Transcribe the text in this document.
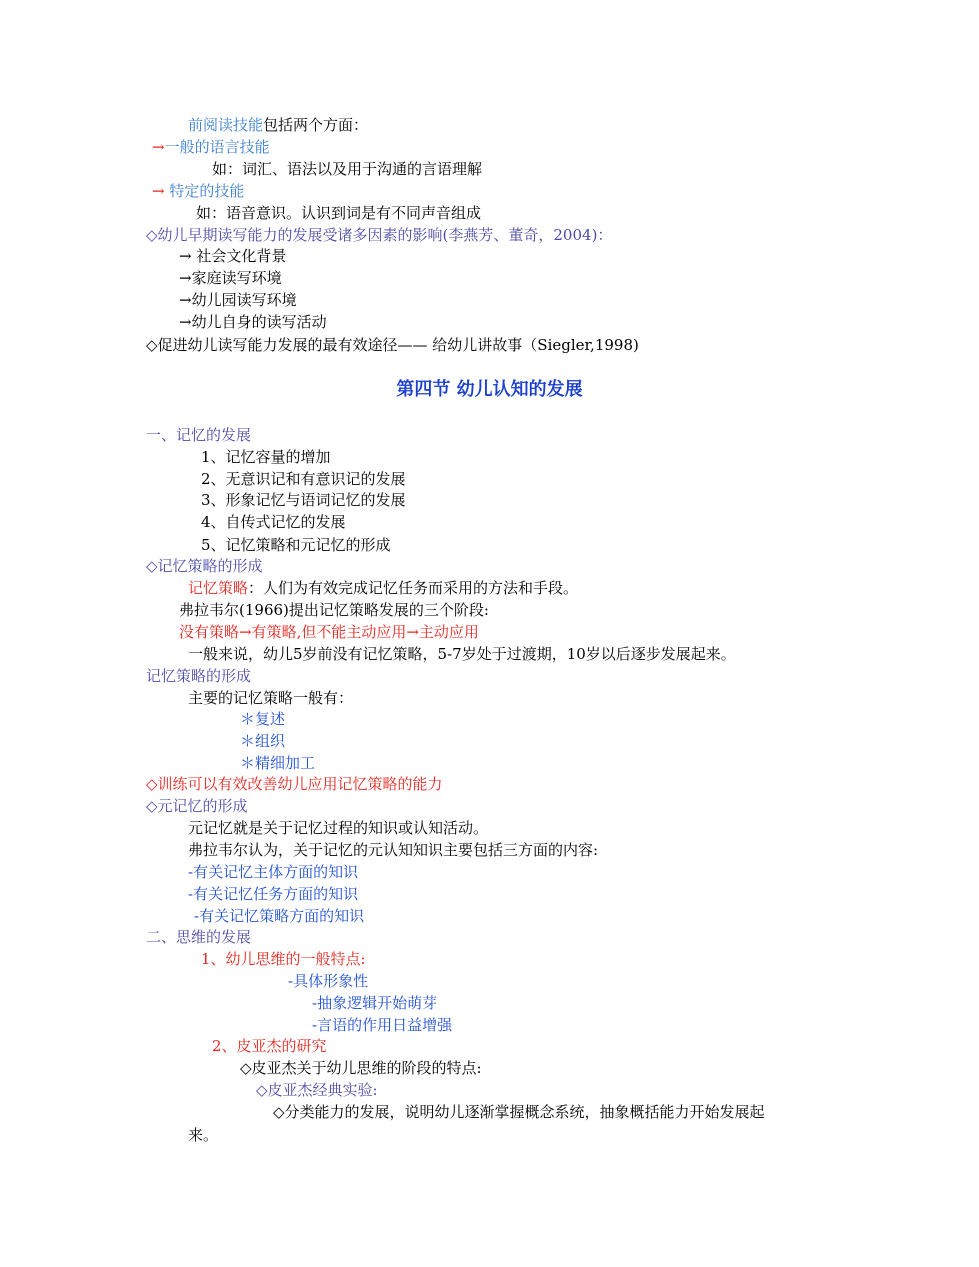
前阅读技能包括两个方面：
→一般的语言技能
如：词汇、语法以及用于沟通的言语理解
→ 特定的技能
如：语音意识。认识到词是有不同声音组成
◇幼儿早期读写能力的发展受诸多因素的影响(李燕芳、董奇，2004)：
→ 社会文化背景
→家庭读写环境
→幼儿园读写环境
→幼儿自身的读写活动
◇促进幼儿读写能力发展的最有效途径—— 给幼儿讲故事（Siegler,1998)
第四节 幼儿认知的发展
一、记忆的发展
1、记忆容量的增加
2、无意识记和有意识记的发展
3、形象记忆与语词记忆的发展
4、自传式记忆的发展
5、记忆策略和元记忆的形成
◇记忆策略的形成
记忆策略：人们为有效完成记忆任务而采用的方法和手段。
弗拉韦尔(1966)提出记忆策略发展的三个阶段:
没有策略→有策略,但不能主动应用→主动应用
一般来说，幼儿5岁前没有记忆策略，5-7岁处于过渡期，10岁以后逐步发展起来。
记忆策略的形成
主要的记忆策略一般有：
＊复述
＊组织
＊精细加工
◇训练可以有效改善幼儿应用记忆策略的能力
◇元记忆的形成
元记忆就是关于记忆过程的知识或认知活动。
弗拉韦尔认为，关于记忆的元认知知识主要包括三方面的内容:
-有关记忆主体方面的知识
-有关记忆任务方面的知识
-有关记忆策略方面的知识
二、思维的发展
1、幼儿思维的一般特点:
-具体形象性
-抽象逻辑开始萌芽
-言语的作用日益增强
2、皮亚杰的研究
◇皮亚杰关于幼儿思维的阶段的特点:
◇皮亚杰经典实验:
◇分类能力的发展，说明幼儿逐渐掌握概念系统，抽象概括能力开始发展起
来。
